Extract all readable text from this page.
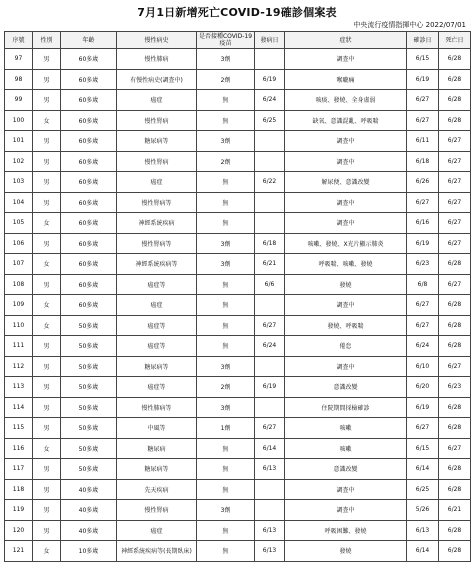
7月1日新增死亡COVID-19確診個案表
中央流行疫情指揮中心 2022/07/01
序號	性別	年齡	慢性病史	是否接種COVID-19疫苗	發病日	症狀	確診日	死亡日
97	男	60多歲	慢性肺病	3劑		調查中	6/15	6/28
98	男	60多歲	有慢性病史(調查中)	2劑	6/19	喉嚨痛	6/19	6/28
99	男	60多歲	癌症	無	6/24	咳痰、發燒、全身虛弱	6/27	6/28
100	女	60多歲	慢性腎病	無	6/25	缺氧、意識混亂、呼吸喘	6/27	6/28
101	男	60多歲	糖尿病等	3劑		調查中	6/11	6/27
102	男	60多歲	慢性腎病	2劑		調查中	6/18	6/27
103	男	60多歲	癌症	無	6/22	解尿便、意識改變	6/26	6/27
104	男	60多歲	慢性腎病等	無		調查中	6/27	6/27
105	女	60多歲	神經系統疾病	無		調查中	6/16	6/27
106	男	60多歲	慢性腎病等	3劑	6/18	咳嗽、發燒、X光片顯示肺炎	6/19	6/27
107	女	60多歲	神經系統疾病等	3劑	6/21	呼吸喘、咳嗽、發燒	6/23	6/28
108	男	60多歲	癌症等	無	6/6	發燒	6/8	6/27
109	女	60多歲	癌症	無		調查中	6/27	6/28
110	女	50多歲	癌症等	無	6/27	發燒、呼吸喘	6/27	6/28
111	男	50多歲	癌症等	無	6/24	倦怠	6/24	6/28
112	男	50多歲	糖尿病等	3劑		調查中	6/10	6/27
113	男	50多歲	癌症等	2劑	6/19	意識改變	6/20	6/23
114	男	50多歲	慢性肺病等	3劑		住院期間採檢確診	6/19	6/28
115	男	50多歲	中風等	1劑	6/27	咳嗽	6/27	6/28
116	女	50多歲	糖尿病	無	6/14	咳嗽	6/15	6/27
117	男	50多歲	糖尿病等	無	6/13	意識改變	6/14	6/28
118	男	40多歲	先天疾病	無		調查中	6/25	6/28
119	男	40多歲	慢性腎病	3劑		調查中	5/26	6/21
120	男	40多歲	癌症	無	6/13	呼吸困難、發燒	6/13	6/28
121	女	10多歲	神經系統疾病等(長期臥床)	無	6/13	發燒	6/14	6/28
